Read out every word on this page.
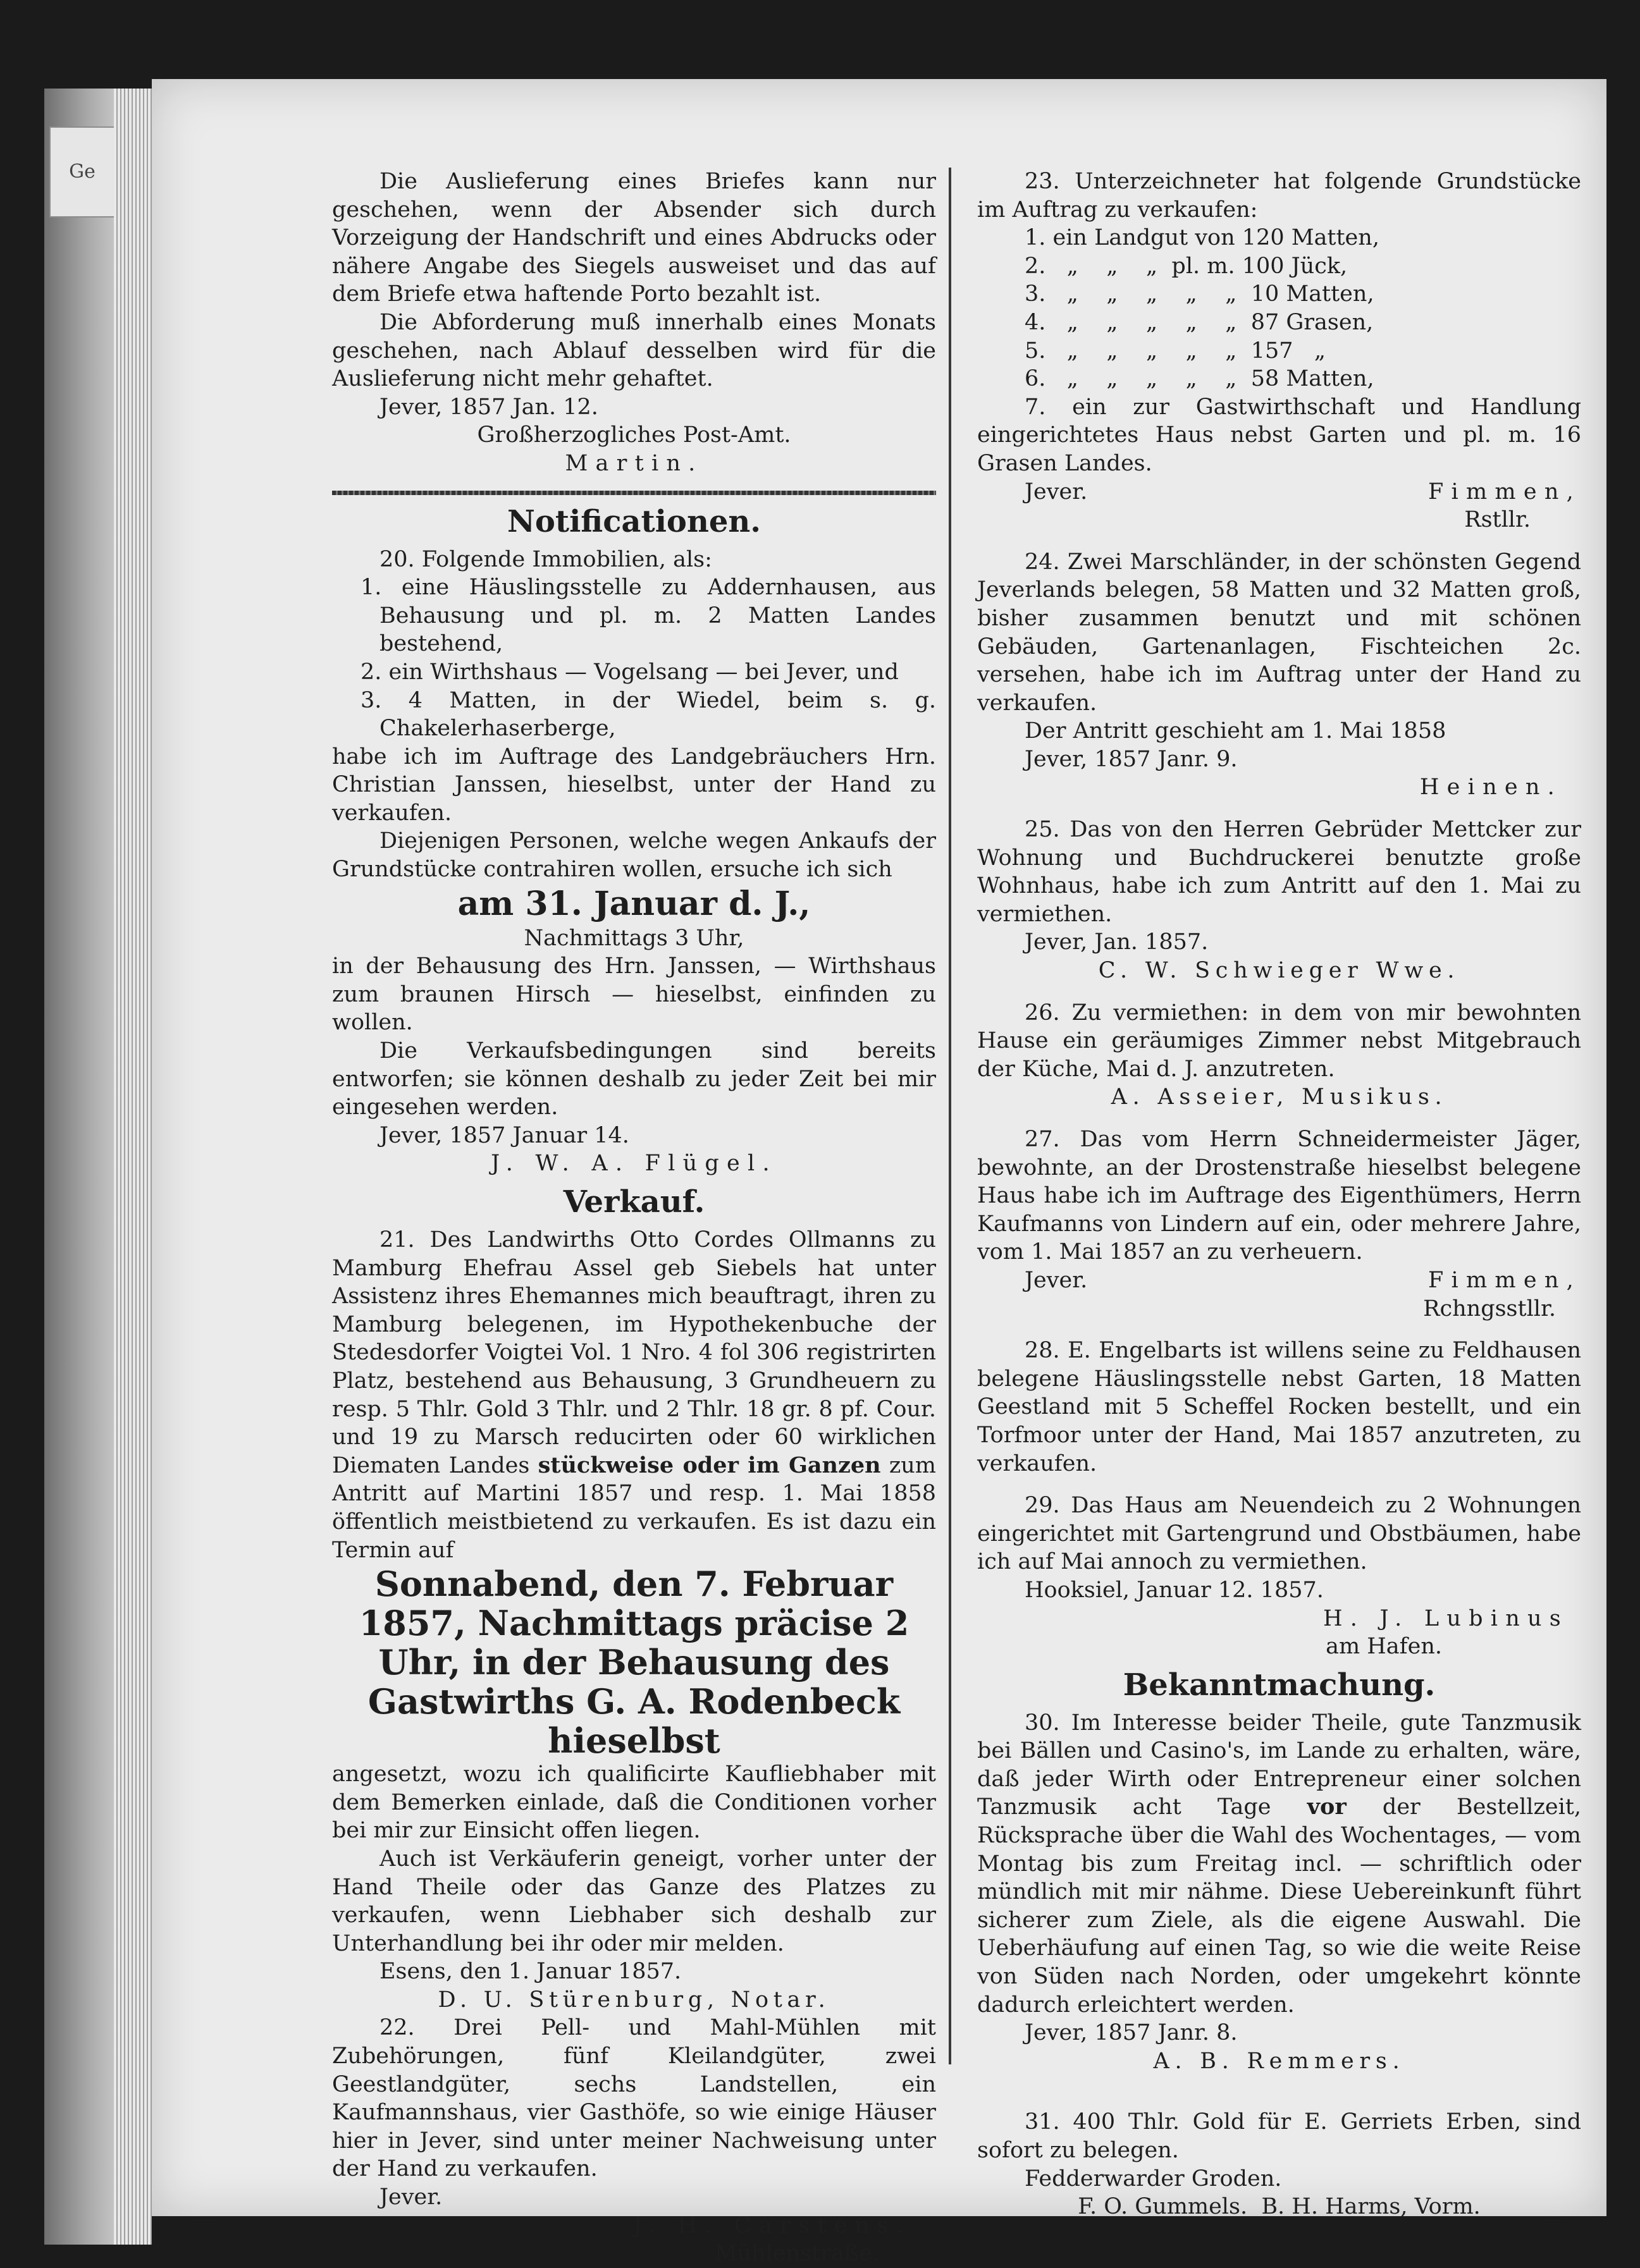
Ge	Die Auslieferung eines Briefes kann nur geschehen, wenn der Absender sich durch Vorzeigung der Handschrift und eines Abdrucks oder nähere Angabe des Siegels ausweiset und das auf dem Briefe etwa haftende Porto bezahlt ist.

Die Abforderung muß innerhalb eines Monats geschehen, nach Ablauf desselben wird für die Auslieferung nicht mehr gehaftet.

Jever, 1857 Jan. 12.

Großherzogliches Post-Amt.

Martin.

Notificationen.

20. Folgende Immobilien, als:

1. eine Häuslingsstelle zu Addernhausen, aus Behausung und pl. m. 2 Matten Landes bestehend,

2. ein Wirthshaus — Vogelsang — bei Jever, und

3. 4 Matten, in der Wiedel, beim s. g. Chakelerhaserberge,

habe ich im Auftrage des Landgebräuchers Hrn. Christian Janssen, hieselbst, unter der Hand zu verkaufen.

Diejenigen Personen, welche wegen Ankaufs der Grundstücke contrahiren wollen, ersuche ich sich

am 31. Januar d. J.,

Nachmittags 3 Uhr,

in der Behausung des Hrn. Janssen, — Wirthshaus zum braunen Hirsch — hieselbst, einfinden zu wollen.

Die Verkaufsbedingungen sind bereits entworfen; sie können deshalb zu jeder Zeit bei mir eingesehen werden.

Jever, 1857 Januar 14.

J. W. A. Flügel.

Verkauf.

21. Des Landwirths Otto Cordes Ollmanns zu Mamburg Ehefrau Assel geb Siebels hat unter Assistenz ihres Ehemannes mich beauftragt, ihren zu Mamburg belegenen, im Hypothekenbuche der Stedesdorfer Voigtei Vol. 1 Nro. 4 fol 306 registrirten Platz, bestehend aus Behausung, 3 Grundheuern zu resp. 5 Thlr. Gold 3 Thlr. und 2 Thlr. 18 gr. 8 pf. Cour. und 19 zu Marsch reducirten oder 60 wirklichen Diematen Landes stückweise oder im Ganzen zum Antritt auf Martini 1857 und resp. 1. Mai 1858 öffentlich meistbietend zu verkaufen. Es ist dazu ein Termin auf

Sonnabend, den 7. Februar 1857, Nachmittags präcise 2 Uhr, in der Behausung des Gastwirths G. A. Rodenbeck hieselbst

angesetzt, wozu ich qualificirte Kaufliebhaber mit dem Bemerken einlade, daß die Conditionen vorher bei mir zur Einsicht offen liegen.

Auch ist Verkäuferin geneigt, vorher unter der Hand Theile oder das Ganze des Platzes zu verkaufen, wenn Liebhaber sich deshalb zur Unterhandlung bei ihr oder mir melden.

Esens, den 1. Januar 1857.

D. U. Stürenburg, Notar.

22. Drei Pell- und Mahl-Mühlen mit Zubehörungen, fünf Kleilandgüter, zwei Geestlandgüter, sechs Landstellen, ein Kaufmannshaus, vier Gasthöfe, so wie einige Häuser hier in Jever, sind unter meiner Nachweisung unter der Hand zu verkaufen.

Jever.

J. H. Carstens.

Mühlenstraße.

23. Unterzeichneter hat folgende Grundstücke im Auftrag zu verkaufen:

1. ein Landgut von 120 Matten,

2.   „    „    „  pl. m. 100 Jück,

3.   „    „    „    „    „  10 Matten,

4.   „    „    „    „    „  87 Grasen,

5.   „    „    „    „    „  157   „

6.   „    „    „    „    „  58 Matten,

7. ein zur Gastwirthschaft und Handlung eingerichtetes Haus nebst Garten und pl. m. 16 Grasen Landes.

Jever.	Fimmen,

Rstllr.

24. Zwei Marschländer, in der schönsten Gegend Jeverlands belegen, 58 Matten und 32 Matten groß, bisher zusammen benutzt und mit schönen Gebäuden, Gartenanlagen, Fischteichen 2c. versehen, habe ich im Auftrag unter der Hand zu verkaufen.

Der Antritt geschieht am 1. Mai 1858

Jever, 1857 Janr. 9.

Heinen.

25. Das von den Herren Gebrüder Mettcker zur Wohnung und Buchdruckerei benutzte große Wohnhaus, habe ich zum Antritt auf den 1. Mai zu vermiethen.

Jever, Jan. 1857.

C. W. Schwieger Wwe.

26. Zu vermiethen: in dem von mir bewohnten Hause ein geräumiges Zimmer nebst Mitgebrauch der Küche, Mai d. J. anzutreten.

A. Asseier, Musikus.

27. Das vom Herrn Schneidermeister Jäger, bewohnte, an der Drostenstraße hieselbst belegene Haus habe ich im Auftrage des Eigenthümers, Herrn Kaufmanns von Lindern auf ein, oder mehrere Jahre, vom 1. Mai 1857 an zu verheuern.

Jever.	Fimmen,

Rchngsstllr.

28. E. Engelbarts ist willens seine zu Feldhausen belegene Häuslingsstelle nebst Garten, 18 Matten Geestland mit 5 Scheffel Rocken bestellt, und ein Torfmoor unter der Hand, Mai 1857 anzutreten, zu verkaufen.

29. Das Haus am Neuendeich zu 2 Wohnungen eingerichtet mit Gartengrund und Obstbäumen, habe ich auf Mai annoch zu vermiethen.

Hooksiel, Januar 12. 1857.

H. J. Lubinus

am Hafen.

Bekanntmachung.

30. Im Interesse beider Theile, gute Tanzmusik bei Bällen und Casino's, im Lande zu erhalten, wäre, daß jeder Wirth oder Entrepreneur einer solchen Tanzmusik acht Tage vor der Bestellzeit, Rücksprache über die Wahl des Wochentages, — vom Montag bis zum Freitag incl. — schriftlich oder mündlich mit mir nähme. Diese Uebereinkunft führt sicherer zum Ziele, als die eigene Auswahl. Die Ueberhäufung auf einen Tag, so wie die weite Reise von Süden nach Norden, oder umgekehrt könnte dadurch erleichtert werden.

Jever, 1857 Janr. 8.

A. B. Remmers.

31. 400 Thlr. Gold für E. Gerriets Erben, sind sofort zu belegen.

Fedderwarder Groden.

F. O. Gummels.  B. H. Harms, Vorm.
